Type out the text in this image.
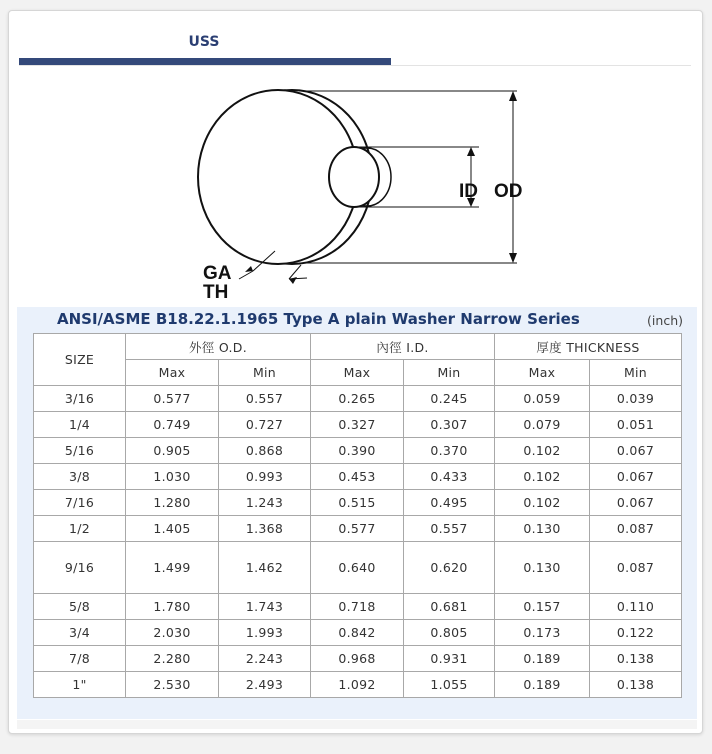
USS
ID OD
GA
TH
ANSI/ASME B18.22.1.1965 Type A plain Washer Narrow Series	(inch)
SIZE	外徑 O.D.		內徑 I.D.		厚度 THICKNESS	
	Max	Min	Max	Min	Max	Min
3/16	0.577	0.557	0.265	0.245	0.059	0.039
1/4	0.749	0.727	0.327	0.307	0.079	0.051
5/16	0.905	0.868	0.390	0.370	0.102	0.067
3/8	1.030	0.993	0.453	0.433	0.102	0.067
7/16	1.280	1.243	0.515	0.495	0.102	0.067
1/2	1.405	1.368	0.577	0.557	0.130	0.087
9/16	1.499	1.462	0.640	0.620	0.130	0.087
5/8	1.780	1.743	0.718	0.681	0.157	0.110
3/4	2.030	1.993	0.842	0.805	0.173	0.122
7/8	2.280	2.243	0.968	0.931	0.189	0.138
1"	2.530	2.493	1.092	1.055	0.189	0.138
